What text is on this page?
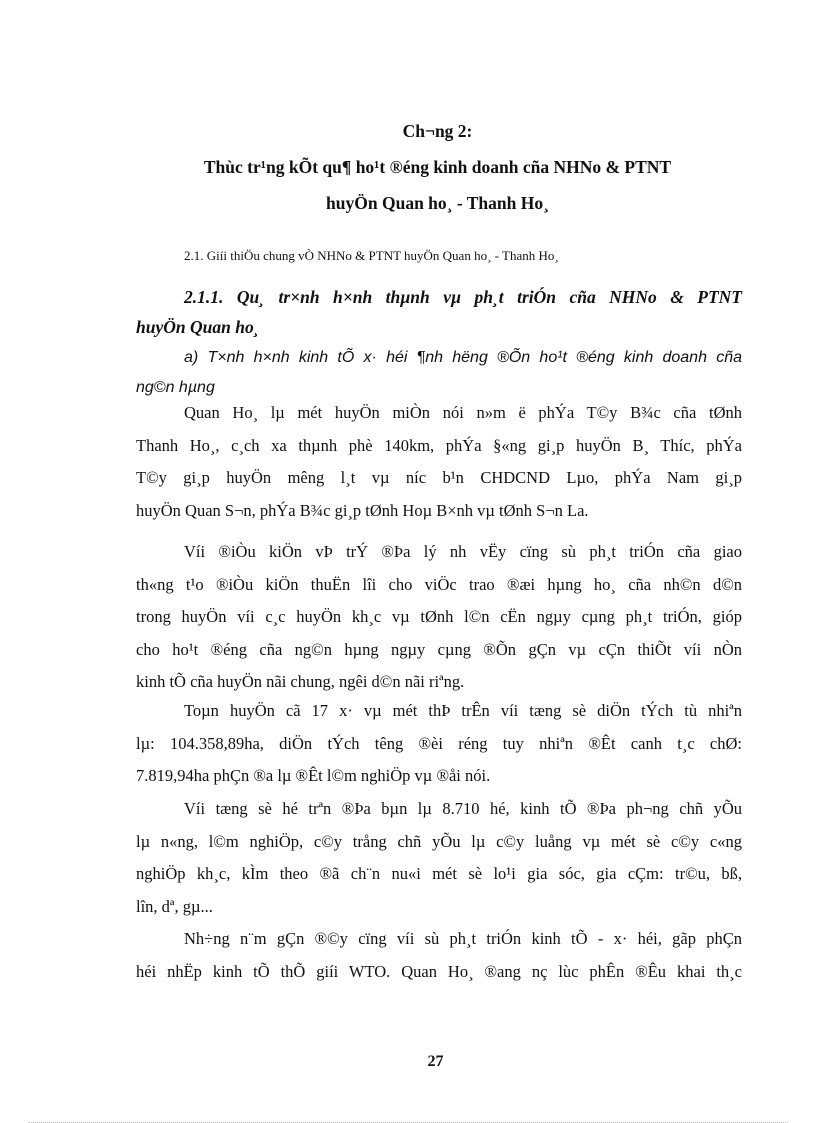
Ch¬ng 2:
Thùc tr¹ng kÕt qu¶ ho¹t ®éng kinh doanh cña NHNo & PTNT
huyÖn Quan ho¸ - Thanh Ho¸
2.1. Giíi thiÖu chung vÒ NHNo & PTNT huyÖn Quan ho¸ - Thanh Ho¸
2.1.1. Qu¸ tr×nh h×nh thµnh vµ ph¸t triÓn cña NHNo & PTNT
huyÖn Quan ho¸
a) T×nh h×nh kinh tÕ x· héi ¶nh hëng ®Õn ho¹t ®éng kinh doanh cña
ng©n hµng
Quan Ho¸ lµ mét huyÖn miÒn nói n»m ë phÝa T©y B¾c cña tØnh
Thanh Ho¸, c¸ch xa thµnh phè 140km, phÝa §«ng gi¸p huyÖn B¸ Thíc, phÝa
T©y gi¸p huyÖn mêng l¸t vµ níc b¹n CHDCND Lµo, phÝa Nam gi¸p
huyÖn Quan S¬n, phÝa B¾c gi¸p tØnh Hoµ B×nh vµ tØnh S¬n La.
Víi ®iÒu kiÖn vÞ trÝ ®Þa lý nh vËy cïng sù ph¸t triÓn cña giao
th«ng t¹o ®iÒu kiÖn thuËn lîi cho viÖc trao ®æi hµng ho¸ cña nh©n d©n
trong huyÖn víi c¸c huyÖn kh¸c vµ tØnh l©n cËn ngµy cµng ph¸t triÓn, gióp
cho ho¹t ®éng cña ng©n hµng ngµy cµng ®Õn gÇn vµ cÇn thiÕt víi nÒn
kinh tÕ cña huyÖn nãi chung, ngêi d©n nãi riªng.
Toµn huyÖn cã 17 x· vµ mét thÞ trÊn víi tæng sè diÖn tÝch tù nhiªn
lµ: 104.358,89ha, diÖn tÝch têng ®èi réng tuy nhiªn ®Êt canh t¸c chØ:
7.819,94ha phÇn ®a lµ ®Êt l©m nghiÖp vµ ®åi nói.
Víi tæng sè hé trªn ®Þa bµn lµ 8.710 hé, kinh tÕ ®Þa ph¬ng chñ yÕu
lµ n«ng, l©m nghiÖp, c©y trång chñ yÕu lµ c©y luång vµ mét sè c©y c«ng
nghiÖp kh¸c, kÌm theo ®ã ch¨n nu«i mét sè lo¹i gia sóc, gia cÇm: tr©u, bß,
lîn, dª, gµ...
Nh÷ng n¨m gÇn ®©y cïng víi sù ph¸t triÓn kinh tÕ - x· héi, gãp phÇn
héi nhËp kinh tÕ thÕ giíi WTO. Quan Ho¸ ®ang nç lùc phÊn ®Êu khai th¸c
27
